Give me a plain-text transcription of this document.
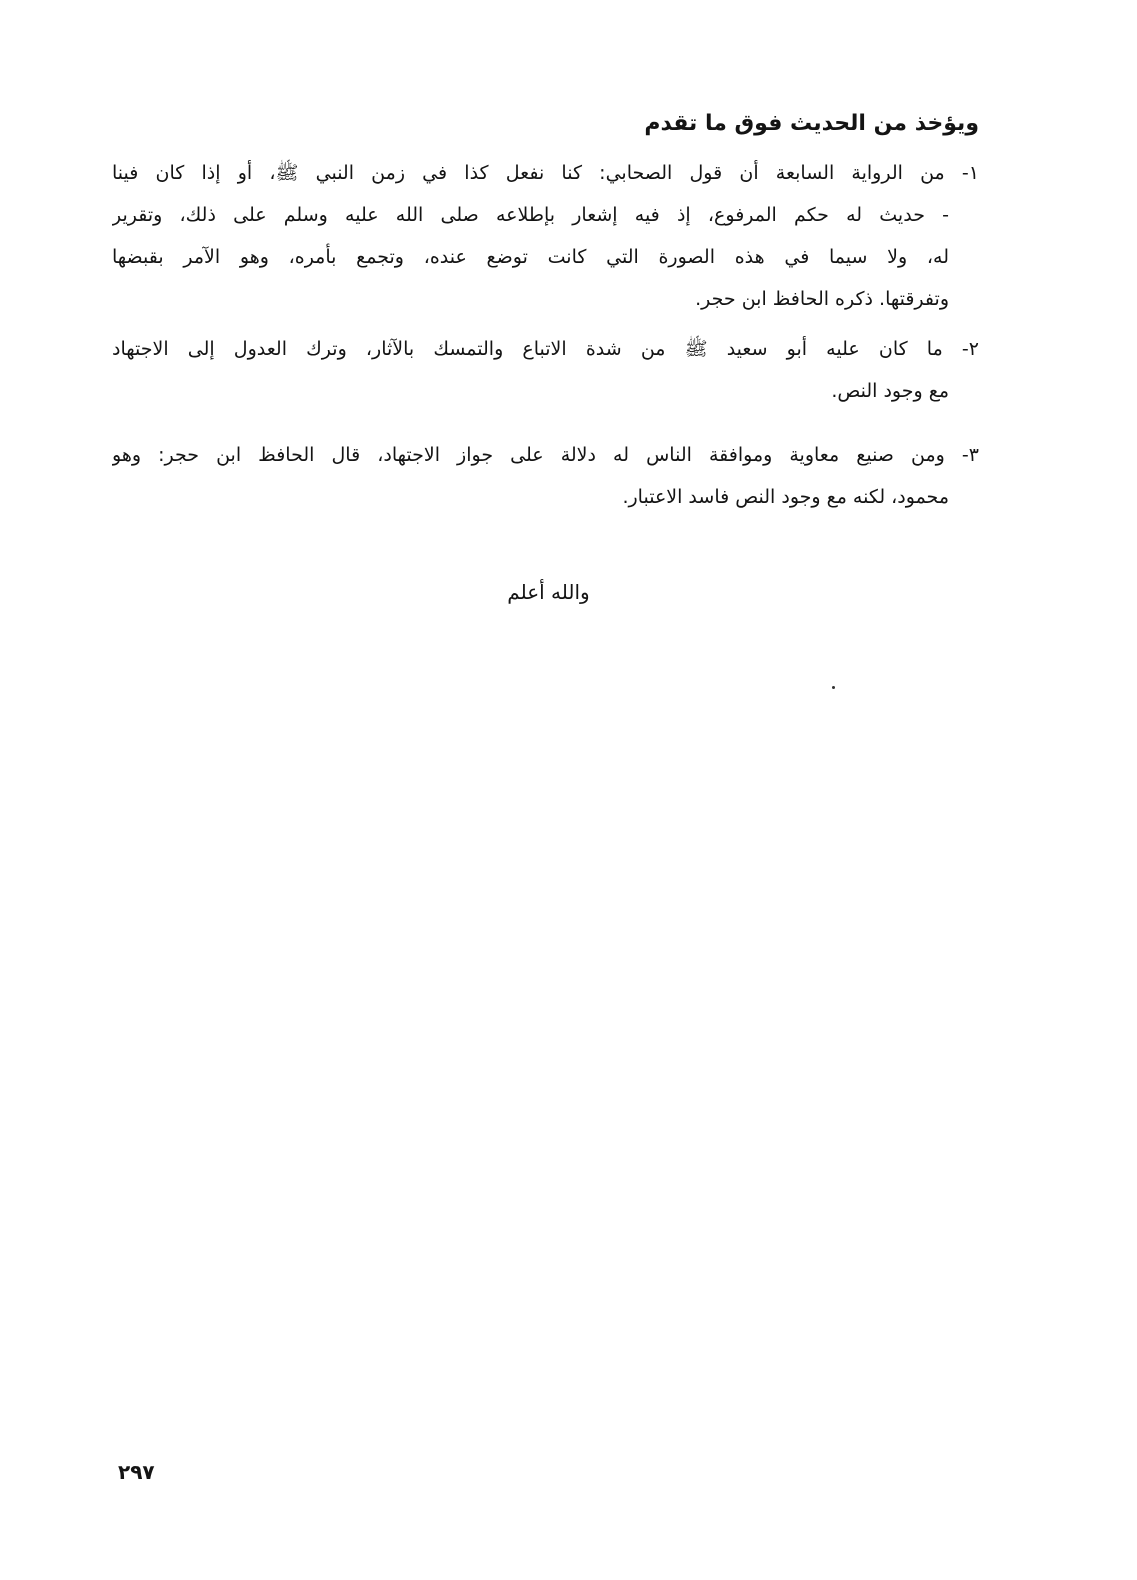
ويؤخذ من الحديث فوق ما تقدم
١- من الرواية السابعة أن قول الصحابي: كنا نفعل كذا في زمن النبي ﷺ، أو إذا كان فينا
- حديث له حكم المرفوع، إذ فيه إشعار بإطلاعه صلى الله عليه وسلم على ذلك، وتقرير
له، ولا سيما في هذه الصورة التي كانت توضع عنده، وتجمع بأمره، وهو الآمر بقبضها
وتفرقتها. ذكره الحافظ ابن حجر.
٢- ما كان عليه أبو سعيد ﷺ من شدة الاتباع والتمسك بالآثار، وترك العدول إلى الاجتهاد
مع وجود النص.
٣- ومن صنيع معاوية وموافقة الناس له دلالة على جواز الاجتهاد، قال الحافظ ابن حجر: وهو
محمود، لكنه مع وجود النص فاسد الاعتبار.
والله أعلم
٢٩٧
